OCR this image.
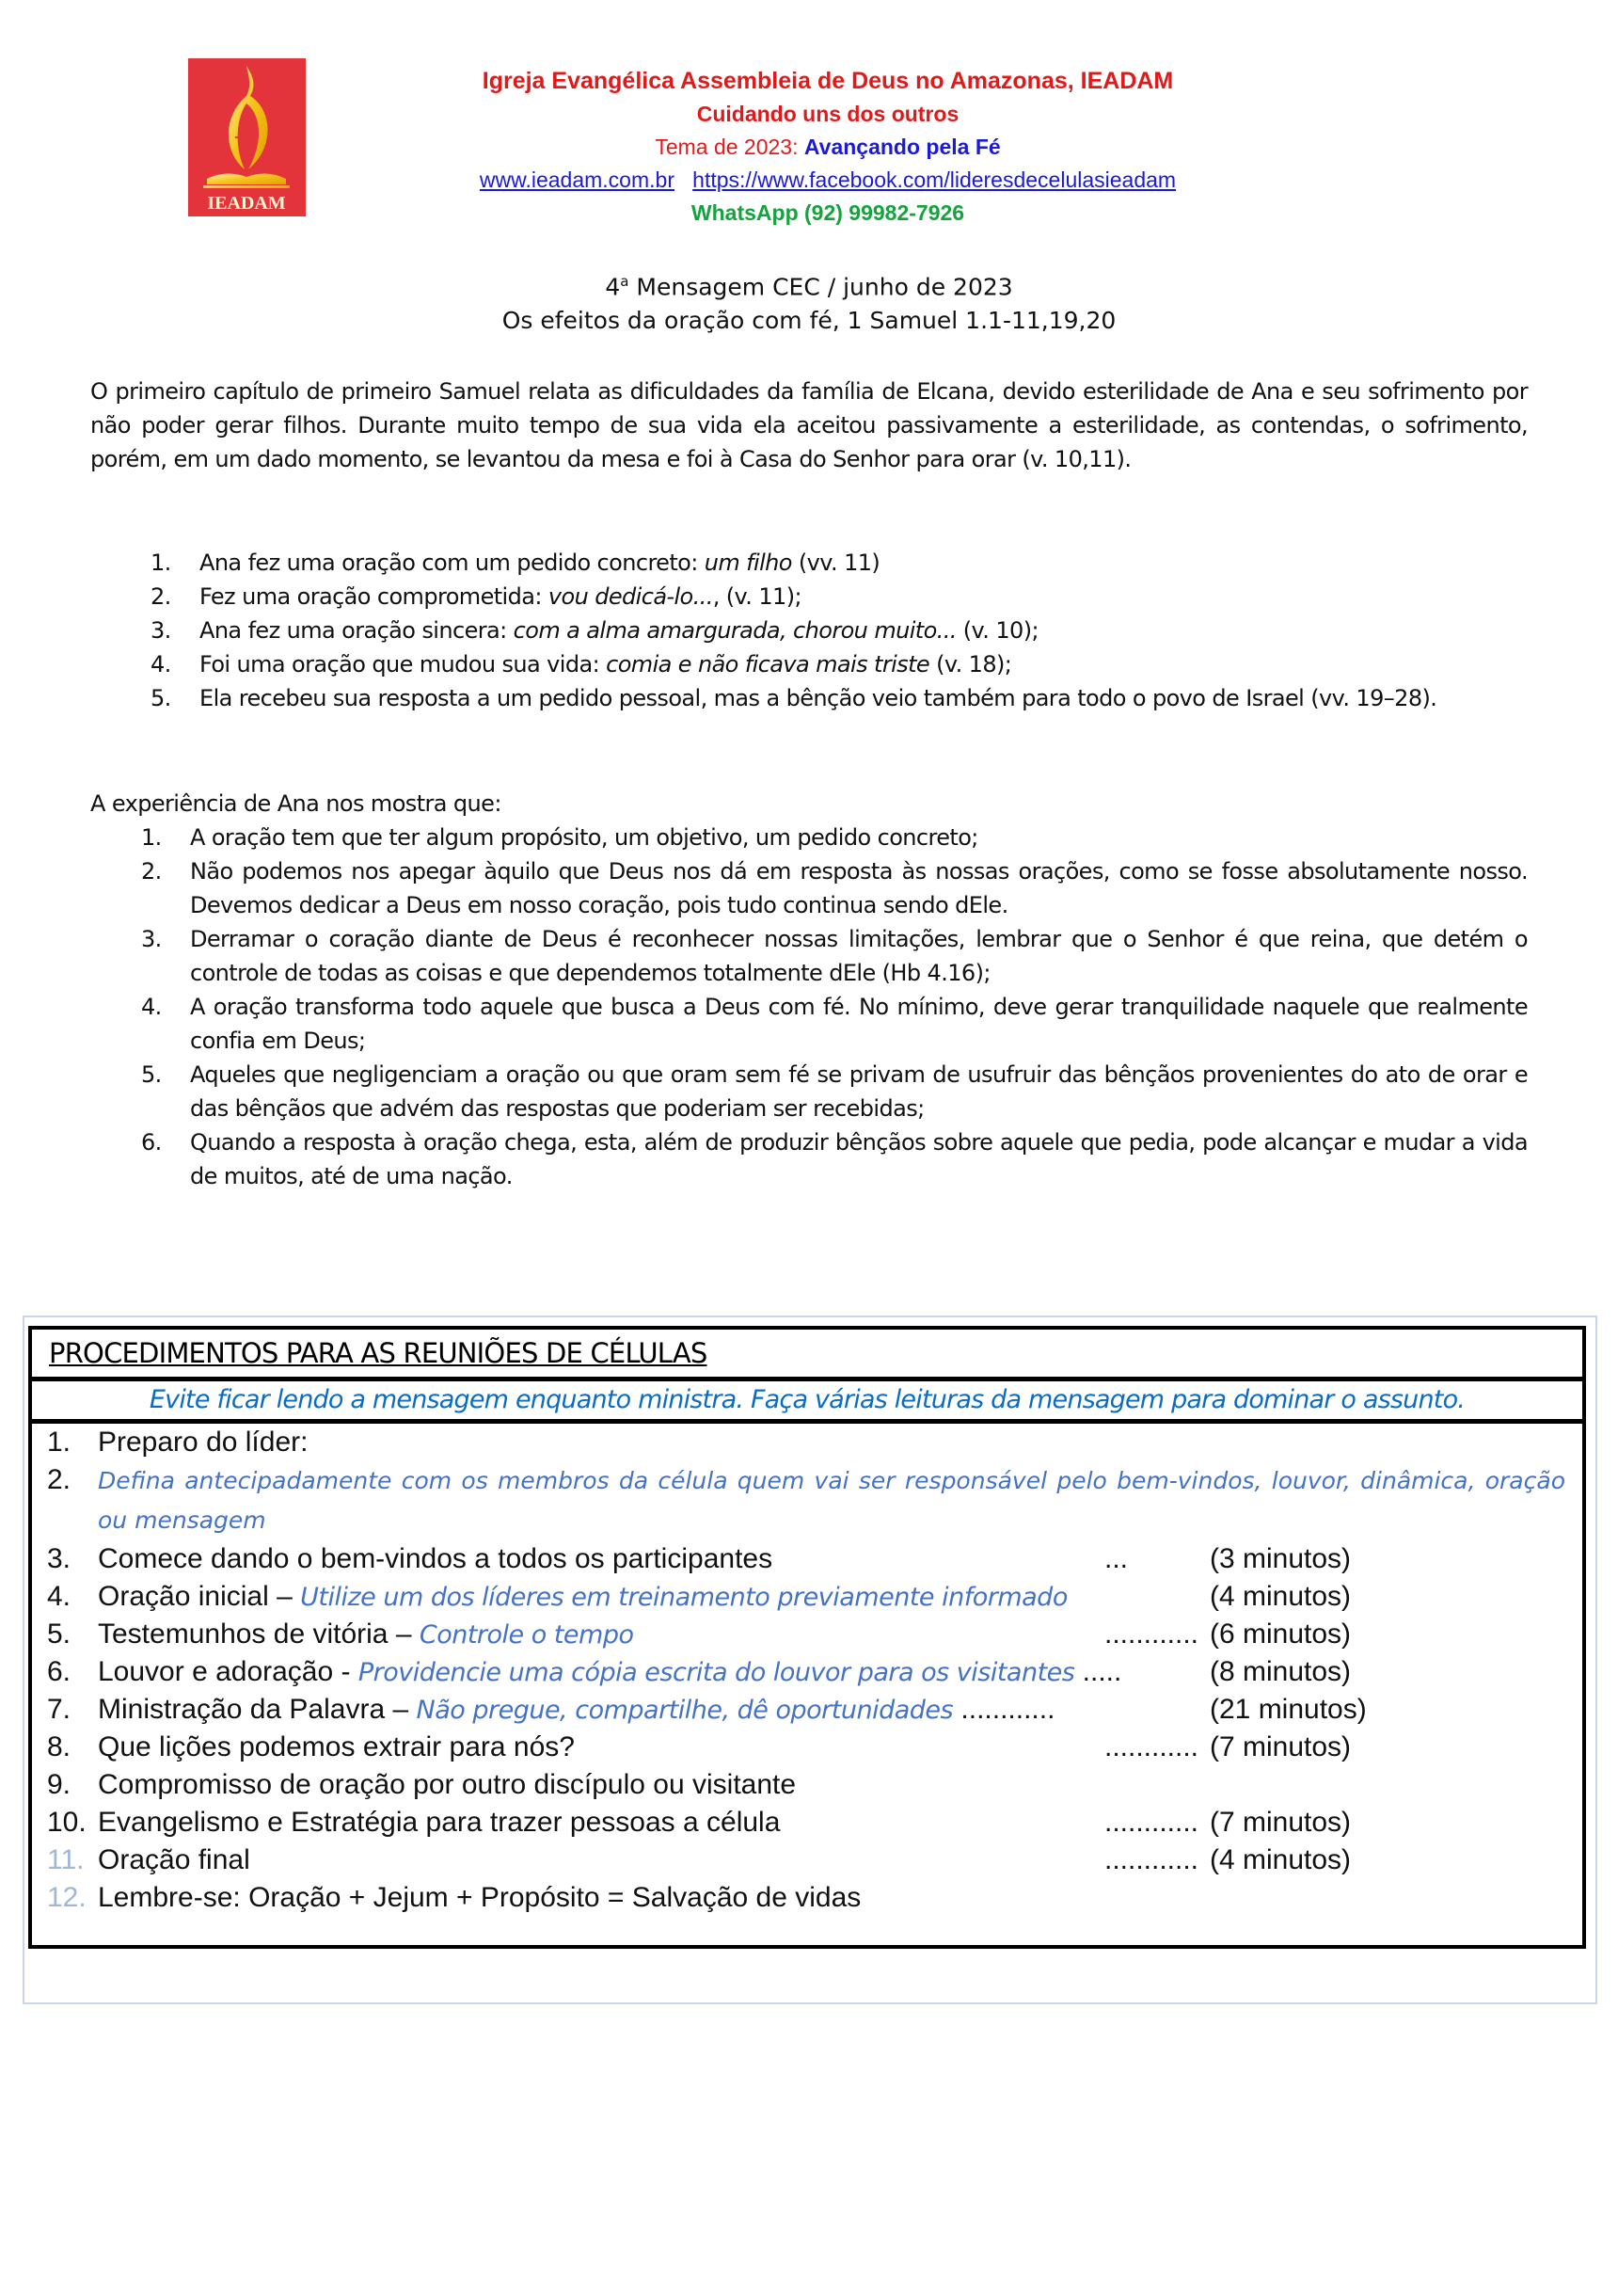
IEADAM
Igreja Evangélica Assembleia de Deus no Amazonas, IEADAM
Cuidando uns dos outros
Tema de 2023: Avançando pela Fé
www.ieadam.com.br https://www.facebook.com/lideresdecelulasieadam
WhatsApp (92) 99982-7926
4$^a$ Mensagem CEC / junho de 2023
Os efeitos da oração com fé, 1 Samuel 1.1-11,19,20
O primeiro capítulo de primeiro Samuel relata as dificuldades da família de Elcana, devido esterilidade de Ana e seu sofrimento por não poder gerar filhos. Durante muito tempo de sua vida ela aceitou passivamente a esterilidade, as contendas, o sofrimento, porém, em um dado momento, se levantou da mesa e foi à Casa do Senhor para orar (v. 10,11).
1. Ana fez uma oração com um pedido concreto: um filho (vv. 11)
2. Fez uma oração comprometida: vou dedicá-lo..., (v. 11);
3. Ana fez uma oração sincera: com a alma amargurada, chorou muito... (v. 10);
4. Foi uma oração que mudou sua vida: comia e não ficava mais triste (v. 18);
5. Ela recebeu sua resposta a um pedido pessoal, mas a bênção veio também para todo o povo de Israel (vv. 19–28).
A experiência de Ana nos mostra que:
1. A oração tem que ter algum propósito, um objetivo, um pedido concreto;
2. Não podemos nos apegar àquilo que Deus nos dá em resposta às nossas orações, como se fosse absolutamente nosso. Devemos dedicar a Deus em nosso coração, pois tudo continua sendo dEle.
3. Derramar o coração diante de Deus é reconhecer nossas limitações, lembrar que o Senhor é que reina, que detém o controle de todas as coisas e que dependemos totalmente dEle (Hb 4.16);
4. A oração transforma todo aquele que busca a Deus com fé. No mínimo, deve gerar tranquilidade naquele que realmente confia em Deus;
5. Aqueles que negligenciam a oração ou que oram sem fé se privam de usufruir das bênçãos provenientes do ato de orar e das bênçãos que advém das respostas que poderiam ser recebidas;
6. Quando a resposta à oração chega, esta, além de produzir bênçãos sobre aquele que pedia, pode alcançar e mudar a vida de muitos, até de uma nação.
PROCEDIMENTOS PARA AS REUNIÕES DE CÉLULAS
Evite ficar lendo a mensagem enquanto ministra. Faça várias leituras da mensagem para dominar o assunto.
1. Preparo do líder:
2.	Defina antecipadamente com os membros da célula quem vai ser responsável pelo bem-vindos, louvor, dinâmica, oração ou mensagem
3. Comece dando o bem-vindos a todos os participantes	...	(3 minutos)
4. Oração inicial – Utilize um dos líderes em treinamento previamente informado	(4 minutos)
5. Testemunhos de vitória – Controle o tempo	............ (6 minutos)
6. Louvor e adoração - Providencie uma cópia escrita do louvor para os visitantes .....	(8 minutos)
7. Ministração da Palavra – Não pregue, compartilhe, dê oportunidades ............	(21 minutos)
8. Que lições podemos extrair para nós?	............ (7 minutos)
9. Compromisso de oração por outro discípulo ou visitante
10. Evangelismo e Estratégia para trazer pessoas a célula	............ (7 minutos)
11. Oração final	............ (4 minutos)
12. Lembre-se: Oração + Jejum + Propósito = Salvação de vidas
